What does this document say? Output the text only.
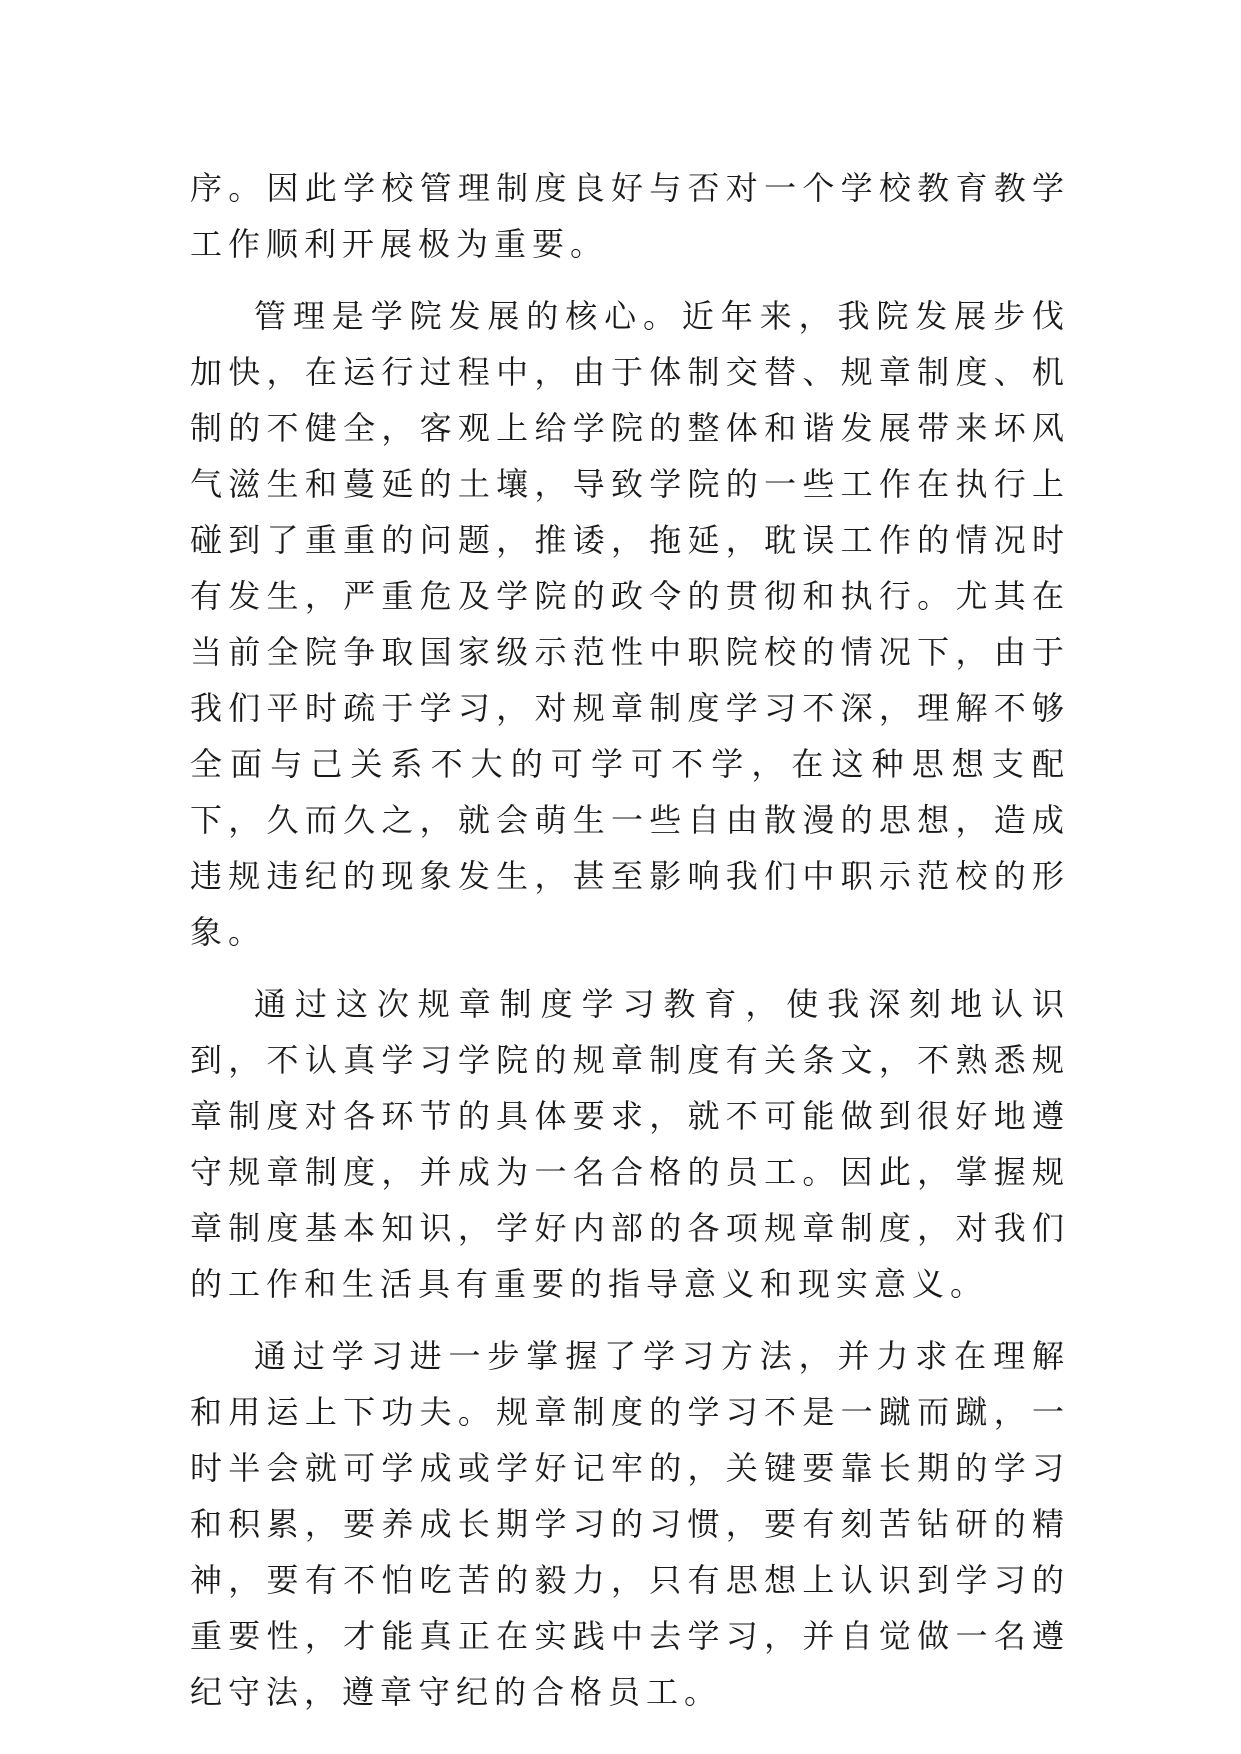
序。因此学校管理制度良好与否对一个学校教育教学工作顺利开展极为重要。

管理是学院发展的核心。近年来，我院发展步伐加快，在运行过程中，由于体制交替、规章制度、机制的不健全，客观上给学院的整体和谐发展带来坏风气滋生和蔓延的土壤，导致学院的一些工作在执行上碰到了重重的问题，推诿，拖延，耽误工作的情况时有发生，严重危及学院的政令的贯彻和执行。尤其在当前全院争取国家级示范性中职院校的情况下，由于我们平时疏于学习，对规章制度学习不深，理解不够全面与己关系不大的可学可不学，在这种思想支配下，久而久之，就会萌生一些自由散漫的思想，造成违规违纪的现象发生，甚至影响我们中职示范校的形象。

通过这次规章制度学习教育，使我深刻地认识到，不认真学习学院的规章制度有关条文，不熟悉规章制度对各环节的具体要求，就不可能做到很好地遵守规章制度，并成为一名合格的员工。因此，掌握规章制度基本知识，学好内部的各项规章制度，对我们的工作和生活具有重要的指导意义和现实意义。

通过学习进一步掌握了学习方法，并力求在理解和用运上下功夫。规章制度的学习不是一蹴而蹴，一时半会就可学成或学好记牢的，关键要靠长期的学习和积累，要养成长期学习的习惯，要有刻苦钻研的精神，要有不怕吃苦的毅力，只有思想上认识到学习的重要性，才能真正在实践中去学习，并自觉做一名遵纪守法，遵章守纪的合格员工。
